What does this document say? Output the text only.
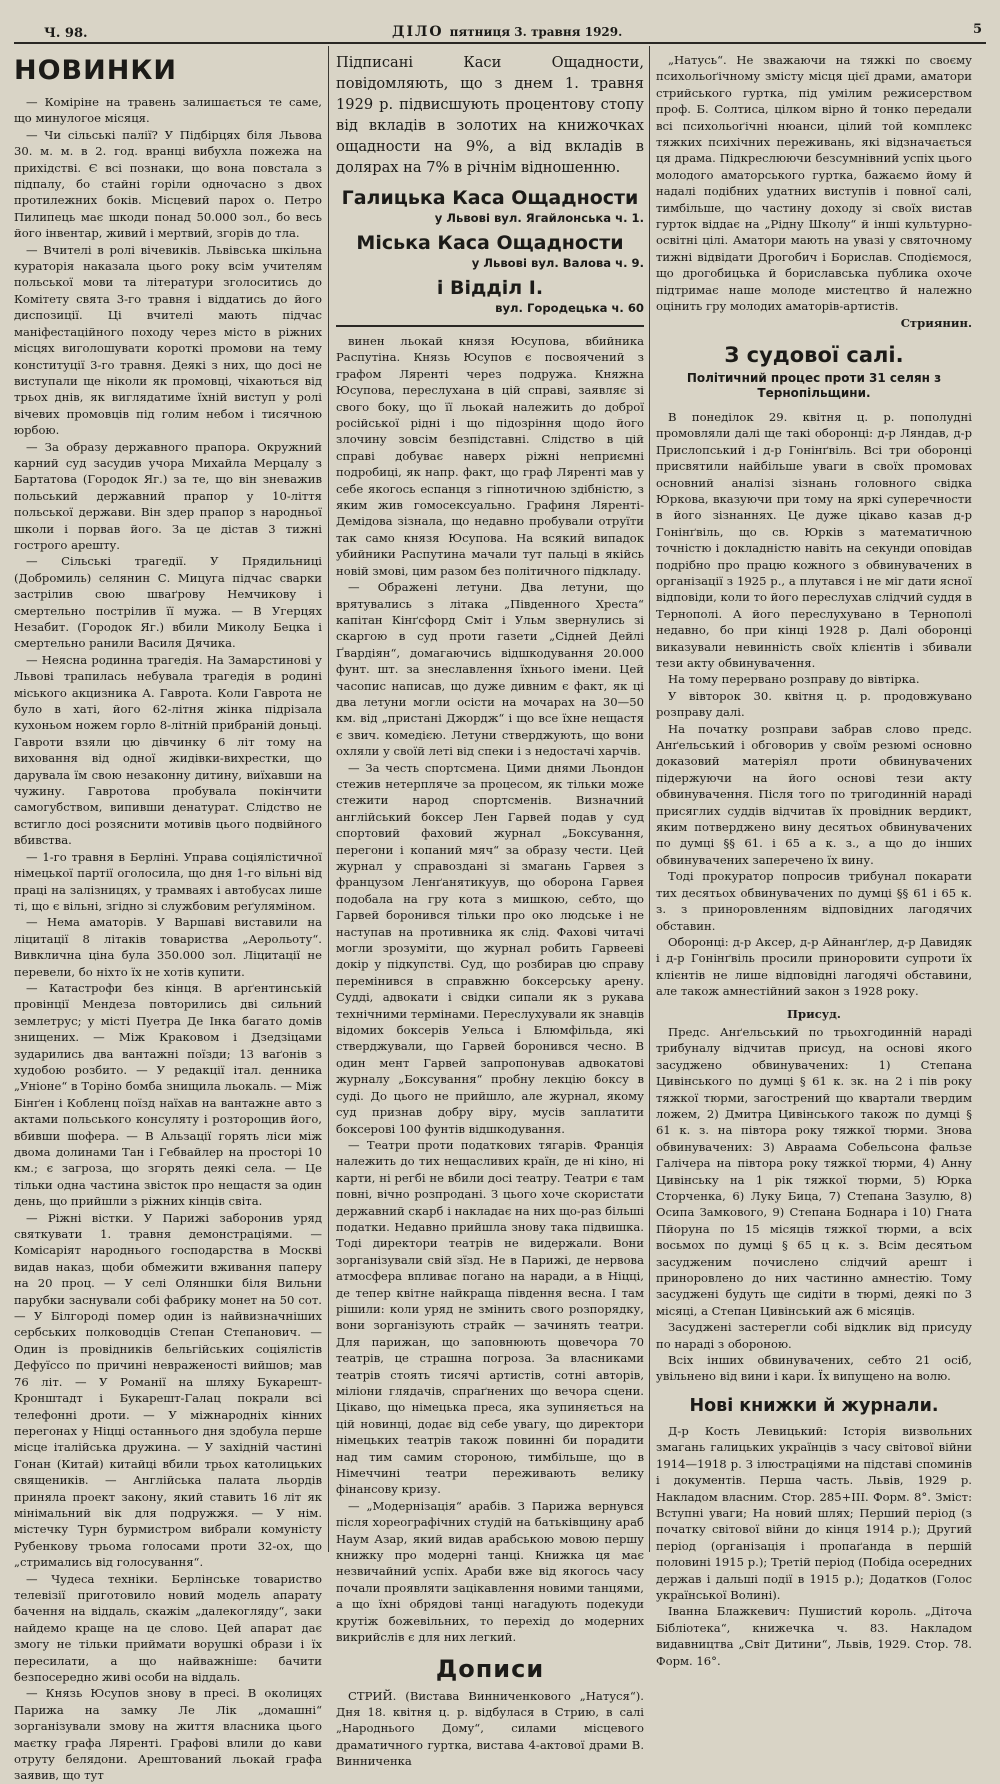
Ч. 98.	ДІЛО пятниця 3. травня 1929.	5
НОВИНКИ

— Коміріне на травень залишається те саме, що минулогое місяця.

— Чи сільські палії? У Підбірцях біля Львова 30. м. м. в 2. год. вранці вибухла пожежа на прихідстві. Є всі познаки, що вона повстала з підпалу, бо стайні горіли одночасно з двох протилежних боків. Місцевий парох о. Петро Пилипець має шкоди понад 50.000 зол., бо весь його інвентар, живий і мертвий, згорів до тла.

— Вчителі в ролі вічевиків. Львівська шкільна кураторія наказала цього року всім учителям польської мови та літератури зголоситись до Комітету свята 3-го травня і віддатись до його диспозиції. Ці вчителі мають підчас маніфестаційного походу через місто в ріжних місцях виголошувати короткі промови на тему конституції 3-го травня. Деякі з них, що досі не виступали ще ніколи як промовці, чіхаються від трьох днів, як виглядатиме їхній виступ у ролі вічевих промовців під голим небом і тисячною юрбою.

— За образу державного прапора. Окружний карний суд засудив учора Михайла Мерцалу з Бартатова (Городок Яг.) за те, що він зневажив польський державний прапор у 10-ліття польської держави. Він здер прапор з народньої школи і порвав його. За це дістав 3 тижні гострого арешту.

— Сільські трагедії. У Прядильниці (Добромиль) селянин С. Мицуга підчас сварки застрілив свою шваґрову Немчикову і смертельно пострілив її мужа. — В Угерцях Незабит. (Городок Яг.) вбили Миколу Бецка і смертельно ранили Василя Дячика.

— Неясна родинна трагедія. На Замарстинові у Львові трапилась небувала трагедія в родині міського акцизника А. Гаврота. Коли Гаврота не було в хаті, його 62-літня жінка підрізала кухоньом ножем горло 8-літній прибраній доньці. Гавроти взяли цю дівчинку 6 літ тому на виховання від одної жидівки-вихрестки, що дарувала їм свою незаконну дитину, виїхавши на чужину. Гавротова пробувала покінчити самогубством, випивши денатурат. Слідство не встигло досі розяснити мотивів цього подвійного вбивства.

— 1-го травня в Берліні. Управа соціялістичної німецької партії оголосила, що дня 1-го вільні від праці на залізницях, у трамваях і автобусах лише ті, що є вільні, згідно зі службовим реґуляміном.

— Нема аматорів. У Варшаві виставили на ліцитації 8 літаків товариства „Аерольоту“. Вивклична ціна була 350.000 зол. Ліцитації не перевели, бо ніхто їх не хотів купити.

— Катастрофи без кінця. В арґентинській провінції Мендеза повторились дві сильний землетрус; у місті Пуетра Де Інка багато домів знищених. — Між Краковом і Дзедзіцами зударились два вантажні поїзди; 13 ваґонів з худобою розбито. — У редакції італ. денника „Уніоне“ в Торіно бомба знищила льокаль. — Між Бінґен і Кобленц поїзд наїхав на вантажне авто з актами польського консуляту і розторощив його, вбивши шофера. — В Альзації горять ліси між двома долинами Тан і Гебвайлер на просторі 10 км.; є загроза, що згорять деякі села. — Це тільки одна частина звісток про нещастя за один день, що прийшли з ріжних кінців світа.

— Ріжні вістки. У Парижі заборонив уряд святкувати 1. травня демонстраціями. — Комісаріят народнього господарства в Москві видав наказ, щоби обмежити вживання паперу на 20 проц. — У селі Оляншки біля Вильни парубки заснували собі фабрику монет на 50 сот. — У Білгороді помер один із найвизначніших сербських полководців Степан Степанович. — Один із провідників бельгійських соціялістів Дефуїссо по причині невраженості вийшов; мав 76 літ. — У Романії на шляху Букарешт-Кронштадт і Букарешт-Галац покрали всі телефонні дроти. — У міжнародніх кінних перегонах у Ніцці останнього дня здобула перше місце італійська дружина. — У західній частині Гонан (Китай) китайці вбили трьох католицьких священиків. — Англійська палата льордів приняла проект закону, який ставить 16 літ як мінімальний вік для подружжя. — У нім. містечку Турн бурмистром вибрали комуністу Рубенкову трьома голосами проти 32-ох, що „стримались від голосування“.

— Чудеса техніки. Берлінське товариство телевізії приготовило новий модель апарату бачення на віддаль, скажім „далекогляду“, заки найдемо краще на це слово. Цей апарат дає змогу не тільки приймати ворушкі образи і їх пересилати, а що найважніше: бачити безпосередно живі особи на віддаль.

— Князь Юсупов знову в пресі. В околицях Парижа на замку Ле Лік „домашні“ зорганізували змову на життя власника цього маєтку графа Ляренті. Графові влили до кави отруту белядони. Арештований льокай графа заявив, що тут

Підписані Каси Ощадности, повідомляють, що з днем 1. травня 1929 р. підвисшують процентову стопу від вкладів в золотих на книжочках ощадности на 9%, а від вкладів в долярах на 7% в річнім відношенню.
Галицька Каса Ощадности
у Львові вул. Ягайлонська ч. 1.
Міська Каса Ощадности
у Львові вул. Валова ч. 9.
і Відділ І.
вул. Городецька ч. 60

винен льокай князя Юсупова, вбийника Распутіна. Князь Юсупов є посвоячений з графом Ляренті через подружа. Княжна Юсупова, переслухана в цій справі, заявляє зі свого боку, що її льокай належить до доброї російської рідні і що підозріння щодо його злочину зовсім безпідставні. Слідство в цій справі добуває наверх ріжні неприємні подробиці, як напр. факт, що граф Ляренті мав у себе якогось еспанця з гіпнотичною здібністю, з яким жив гомосексуально. Графиня Ляренті-Демідова зізнала, що недавно пробували отруїти так само князя Юсупова. На всякий випадок убийники Распутина мачали тут пальці в якійсь новій змові, цим разом без політичного підкладу.

— Ображені летуни. Два летуни, що врятувались з літака „Південного Хреста“ капітан Кінґсфорд Сміт і Ульм звернулись зі скаргою в суд проти газети „Сідней Дейлі Ґвардіян“, домагаючись відшкодування 20.000 фунт. шт. за знеславлення їхнього імени. Цей часопис написав, що дуже дивним є факт, як ці два летуни могли осісти на мочарах на 30—50 км. від „пристані Джордж“ і що все їхне нещастя є звич. комедією. Летуни стверджують, що вони охляли у своїй леті від спеки і з недостачі харчів.

— За честь спортсмена. Цими днями Льондон стежив нетерпляче за процесом, як тільки може стежити народ спортсменів. Визначний англійський боксер Лен Гарвей подав у суд спортовий фаховий журнал „Боксування, перегони і копаний мяч“ за образу чести. Цей журнал у справоздані зі змагань Гарвея з французом Ленґанятикуув, що оборона Гарвея подобала на гру кота з мишкою, себто, що Гарвей боронився тільки про око людське і не наступав на противника як слід. Фахові читачі могли зрозуміти, що журнал робить Гарвееві докір у підкупстві. Суд, що розбирав цю справу перемінився в справжню боксерську арену. Судді, адвокати і свідки сипали як з рукава технічними термінами. Переслухували як знавців відомих боксерів Уельса і Блюмфільда, які стверджували, що Гарвей боронився чесно. В один мент Гарвей запропонував адвокатові журналу „Боксування“ пробну лекцію боксу в суді. До цього не прийшло, але журнал, якому суд признав добру віру, мусів заплатити боксерові 100 фунтів відшкодування.

— Театри проти податкових тягарів. Франція належить до тих нещасливих країн, де ні кіно, ні карти, ні регбі не вбили досі театру. Театри є там повні, вічно розпродані. З цього хоче скористати державний скарб і накладає на них що-раз більші податки. Недавно прийшла знову така підвишка. Тоді директори театрів не видержали. Вони зорганізували свій зїзд. Не в Парижі, де нервова атмосфера впливає погано на наради, а в Ніцці, де тепер квітне найкраща південня весна. І там рішили: коли уряд не змінить свого розпорядку, вони зорганізують страйк — зачинять театри. Для парижан, що заповнюють щовечора 70 театрів, це страшна погроза. За власниками театрів стоять тисячі артистів, сотні авторів, міліони глядачів, спраґнених що вечора сцени. Цікаво, що німецька преса, яка зупиняється на цій новинці, додає від себе увагу, що директори німецьких театрів також повинні би порадити над тим самим стороною, тимбільше, що в Німеччині театри переживають велику фінансову кризу.

— „Модернізація“ арабів. З Парижа вернувся після хореографічних студій на батьківщину араб Наум Азар, який видав арабською мовою першу книжку про модерні танці. Книжка ця має незвичайний успіх. Араби вже від якогось часу почали проявляти зацікавлення новими танцями, а що їхні обрядові танці нагадують подекуди крутіж божевільних, то перехід до модерних викрийслів є для них легкий.

Дописи

СТРИЙ. (Вистава Винниченкового „Натуся“). Дня 18. квітня ц. р. відбулася в Стрию, в салі „Народнього Дому“, силами місцевого драматичного гуртка, вистава 4-актової драми В. Винниченка

„Натусь“. Не зважаючи на тяжкі по своєму психольоґічному змісту місця цієї драми, аматори стрийського гуртка, під умілим режисерством проф. Б. Солтиса, цілком вірно й тонко передали всі психольоґічні нюанси, цілий той комплекс тяжких психічних переживань, які відзначається ця драма. Підкреслюючи безсумнівний успіх цього молодого аматорського гуртка, бажаємо йому й надалі подібних удатних виступів і повної салі, тимбільше, що частину доходу зі своїх вистав гурток віддає на „Рідну Школу“ й інші культурно-освітні цілі. Аматори мають на увазі у святочному тижні відвідати Дрогобич і Борислав. Сподіємося, що дрогобицька й бориславська публика охоче підтримає наше молоде мистецтво й належно оцінить гру молодих аматорів-артистів.

Стриянин.
З судової салі.
Політичний процес проти 31 селян з Тернопільщини.

В понеділок 29. квітня ц. р. пополудні промовляли далі ще такі оборонці: д-р Ляндав, д-р Прислопський і д-р Гонінґвіль. Всі три оборонці присвятили найбільше уваги в своїх промовах основний аналізі зізнань головного свідка Юркова, вказуючи при тому на яркі суперечности в його зізнаннях. Це дуже цікаво казав д-р Гонінґвіль, що св. Юрків з математичною точністю і докладністю навіть на секунди оповідав подрібно про працю кожного з обвинувачених в організації з 1925 р., а плутався і не міг дати ясної відповіди, коли то його переслухав слідчий суддя в Тернополі. А його переслухувано в Тернополі недавно, бо при кінці 1928 р. Далі оборонці виказували невинність своїх клієнтів і збивали тези акту обвинувачення.

На тому перервано розправу до вівтірка.

У вівторок 30. квітня ц. р. продовжувано розправу далі.

На початку розправи забрав слово предс. Анґельський і обговорив у своїм резюмі основно доказовий матеріял проти обвинувачених підержуючи на його основі тези акту обвинувачення. Після того по тригодинній нараді присяглих суддів відчитав їх провідник вердикт, яким потверджено вину десятьох обвинувачених по думці §§ 61. і 65 а к. з., а що до інших обвинувачених заперечено їх вину.

Тоді прокуратор попросив трибунал покарати тих десятьох обвинувачених по думці §§ 61 і 65 к. з. з приноровленням відповідних лагодячих обставин.

Оборонці: д-р Аксер, д-р Айнанґлер, д-р Давидяк і д-р Гонінґвіль просили приноровити супроти їх клієнтів не лише відповідні лагодячі обставини, але також амнестійний закон з 1928 року.

Присуд.

Предс. Анґельський по трьохгодинній нараді трибуналу відчитав присуд, на основі якого засуджено обвинувачених: 1) Степана Цивінського по думці § 61 к. зк. на 2 і пів року тяжкої тюрми, загострений що квартали твердим ложем, 2) Дмитра Цивінського також по думці § 61 к. з. на півтора року тяжкої тюрми. Знова обвинувачених: 3) Авраама Собельсона фальзе Галічера на півтора року тяжкої тюрми, 4) Анну Цивінську на 1 рік тяжкої тюрми, 5) Юрка Сторченка, 6) Луку Бица, 7) Степана Зазулю, 8) Осипа Замкового, 9) Степана Боднара і 10) Гната Пйоруна по 15 місяців тяжкої тюрми, а всіх восьмох по думці § 65 ц к. з. Всім десятьом засудженим почислено слідчий арешт і приноровлено до них частинно амнестію. Тому засуджені будуть ще сидіти в тюрмі, деякі по 3 місяці, а Степан Цивінський аж 6 місяців.

Засуджені застерегли собі відклик від присуду по нараді з обороною.

Всіх інших обвинувачених, себто 21 осіб, увільнено від вини і кари. Їх випущено на волю.

Нові книжки й журнали.

Д-р Кость Левицький: Історія визвольних змагань галицьких українців з часу світової війни 1914—1918 р. З ілюстраціями на підставі споминів і документів. Перша часть. Львів, 1929 р. Накладом власним. Стор. 285+III. Форм. 8°. Зміст: Вступні уваги; На новий шлях; Перший період (з початку світової війни до кінця 1914 р.); Другий період (організація і пропаґанда в першій половині 1915 р.); Третій період (Побіда осередних держав і дальші події в 1915 р.); Додатков (Голос української Волині).

Іванна Блажкевич: Пушистий король. „Діточа Бібліотека“, книжечка ч. 83. Накладом видавництва „Світ Дитини“, Львів, 1929. Стор. 78. Форм. 16°.
